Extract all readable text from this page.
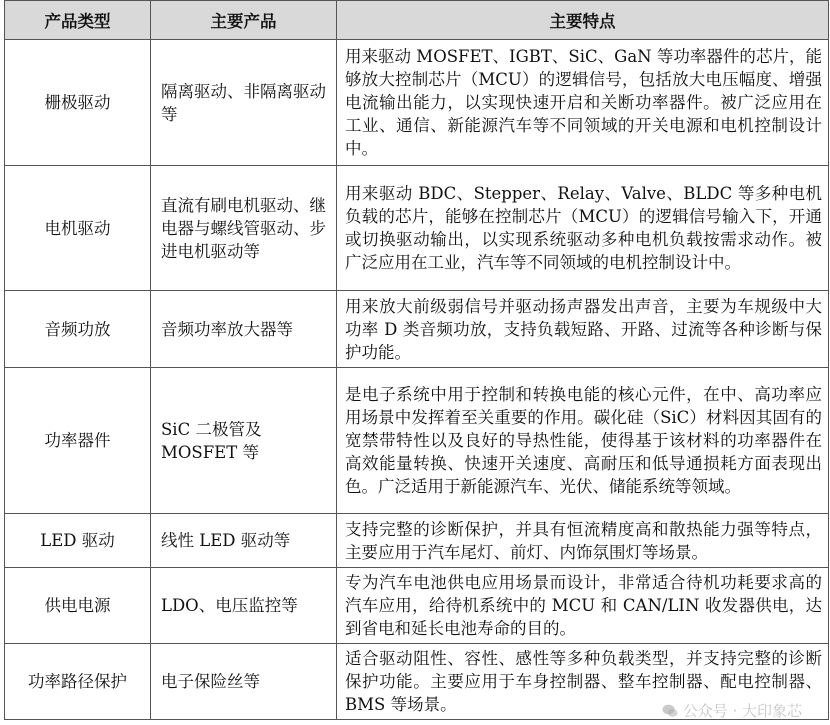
产品类型	主要产品	主要特点
栅极驱动	隔离驱动、非隔离驱动等	用来驱动 MOSFET、IGBT、SiC、GaN 等功率器件的芯片，能够放大控制芯片（MCU）的逻辑信号，包括放大电压幅度、增强电流输出能力，以实现快速开启和关断功率器件。被广泛应用在工业、通信、新能源汽车等不同领域的开关电源和电机控制设计中。
电机驱动	直流有刷电机驱动、继电器与螺线管驱动、步进电机驱动等	用来驱动 BDC、Stepper、Relay、Valve、BLDC 等多种电机负载的芯片，能够在控制芯片（MCU）的逻辑信号输入下，开通或切换驱动输出，以实现系统驱动多种电机负载按需求动作。被广泛应用在工业，汽车等不同领域的电机控制设计中。
音频功放	音频功率放大器等	用来放大前级弱信号并驱动扬声器发出声音，主要为车规级中大功率 D 类音频功放，支持负载短路、开路、过流等各种诊断与保护功能。
功率器件	SiC 二极管及 MOSFET 等	是电子系统中用于控制和转换电能的核心元件，在中、高功率应用场景中发挥着至关重要的作用。碳化硅（SiC）材料因其固有的宽禁带特性以及良好的导热性能，使得基于该材料的功率器件在高效能量转换、快速开关速度、高耐压和低导通损耗方面表现出色。广泛适用于新能源汽车、光伏、储能系统等领域。
LED 驱动	线性 LED 驱动等	支持完整的诊断保护，并具有恒流精度高和散热能力强等特点，主要应用于汽车尾灯、前灯、内饰氛围灯等场景。
供电电源	LDO、电压监控等	专为汽车电池供电应用场景而设计，非常适合待机功耗要求高的汽车应用，给待机系统中的 MCU 和 CAN/LIN 收发器供电，达到省电和延长电池寿命的目的。
功率路径保护	电子保险丝等	适合驱动阻性、容性、感性等多种负载类型，并支持完整的诊断保护功能。主要应用于车身控制器、整车控制器、配电控制器、BMS 等场景。	公众号 · 大印象芯
